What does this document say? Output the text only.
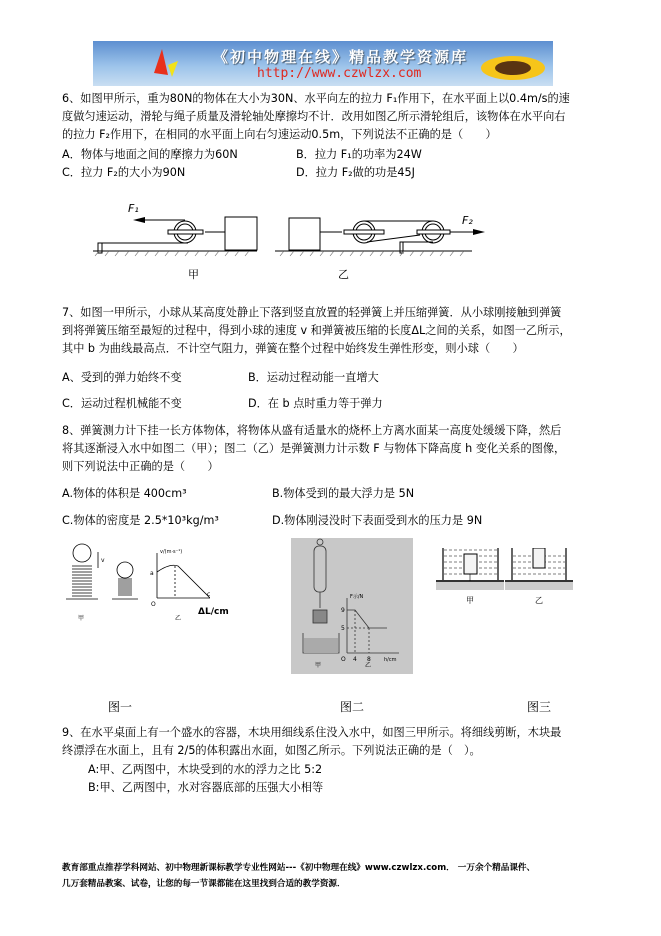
《初中物理在线》精品教学资源库
http://www.czwlzx.com
6、如图甲所示，重为80N的物体在大小为30N、水平向左的拉力 F₁作用下，在水平面上以0.4m/s的速
度做匀速运动，滑轮与绳子质量及滑轮轴处摩擦均不计．改用如图乙所示滑轮组后，该物体在水平向右
的拉力 F₂作用下，在相同的水平面上向右匀速运动0.5m，下列说法不正确的是（　　）
A．物体与地面之间的摩擦力为60N	B．拉力 F₁的功率为24W
C．拉力 F₂的大小为90N	D．拉力 F₂做的功是45J
F₁
F₂
甲	乙
7、如图一甲所示，小球从某高度处静止下落到竖直放置的轻弹簧上并压缩弹簧．从小球刚接触到弹簧
到将弹簧压缩至最短的过程中，得到小球的速度 v 和弹簧被压缩的长度ΔL之间的关系，如图一乙所示，
其中 b 为曲线最高点．不计空气阻力，弹簧在整个过程中始终发生弹性形变，则小球（　　）
A、受到的弹力始终不变	B．运动过程动能一直增大
C．运动过程机械能不变	D．在 b 点时重力等于弹力
8、弹簧测力计下挂一长方体物体，将物体从盛有适量水的烧杯上方离水面某一高度处缓缓下降，然后
将其逐渐浸入水中如图二（甲）；图二（乙）是弹簧测力计示数 F 与物体下降高度 h 变化关系的图像，
则下列说法中正确的是（　　）
A.物体的体积是 400cm³	B.物体受到的最大浮力是 5N
C.物体的密度是 2.5*10³kg/m³	D.物体刚浸没时下表面受到水的压力是 9N
v
v/(m·s⁻¹)
a
c
O
ΔL/cm
甲	乙
F示/N
9
5
4 8
O	h/cm
甲	乙
甲	乙
图一	图二	图三
9、在水平桌面上有一个盛水的容器，木块用细线系住没入水中，如图三甲所示。将细线剪断，木块最
终漂浮在水面上，且有 2/5的体积露出水面，如图乙所示。下列说法正确的是（　）。
A:甲、乙两图中，木块受到的水的浮力之比 5:2
B:甲、乙两图中，水对容器底部的压强大小相等
教育部重点推荐学科网站、初中物理新课标教学专业性网站---《初中物理在线》www.czwlzx.com． 一万余个精品课件、
几万套精品教案、试卷，让您的每一节课都能在这里找到合适的教学资源．
